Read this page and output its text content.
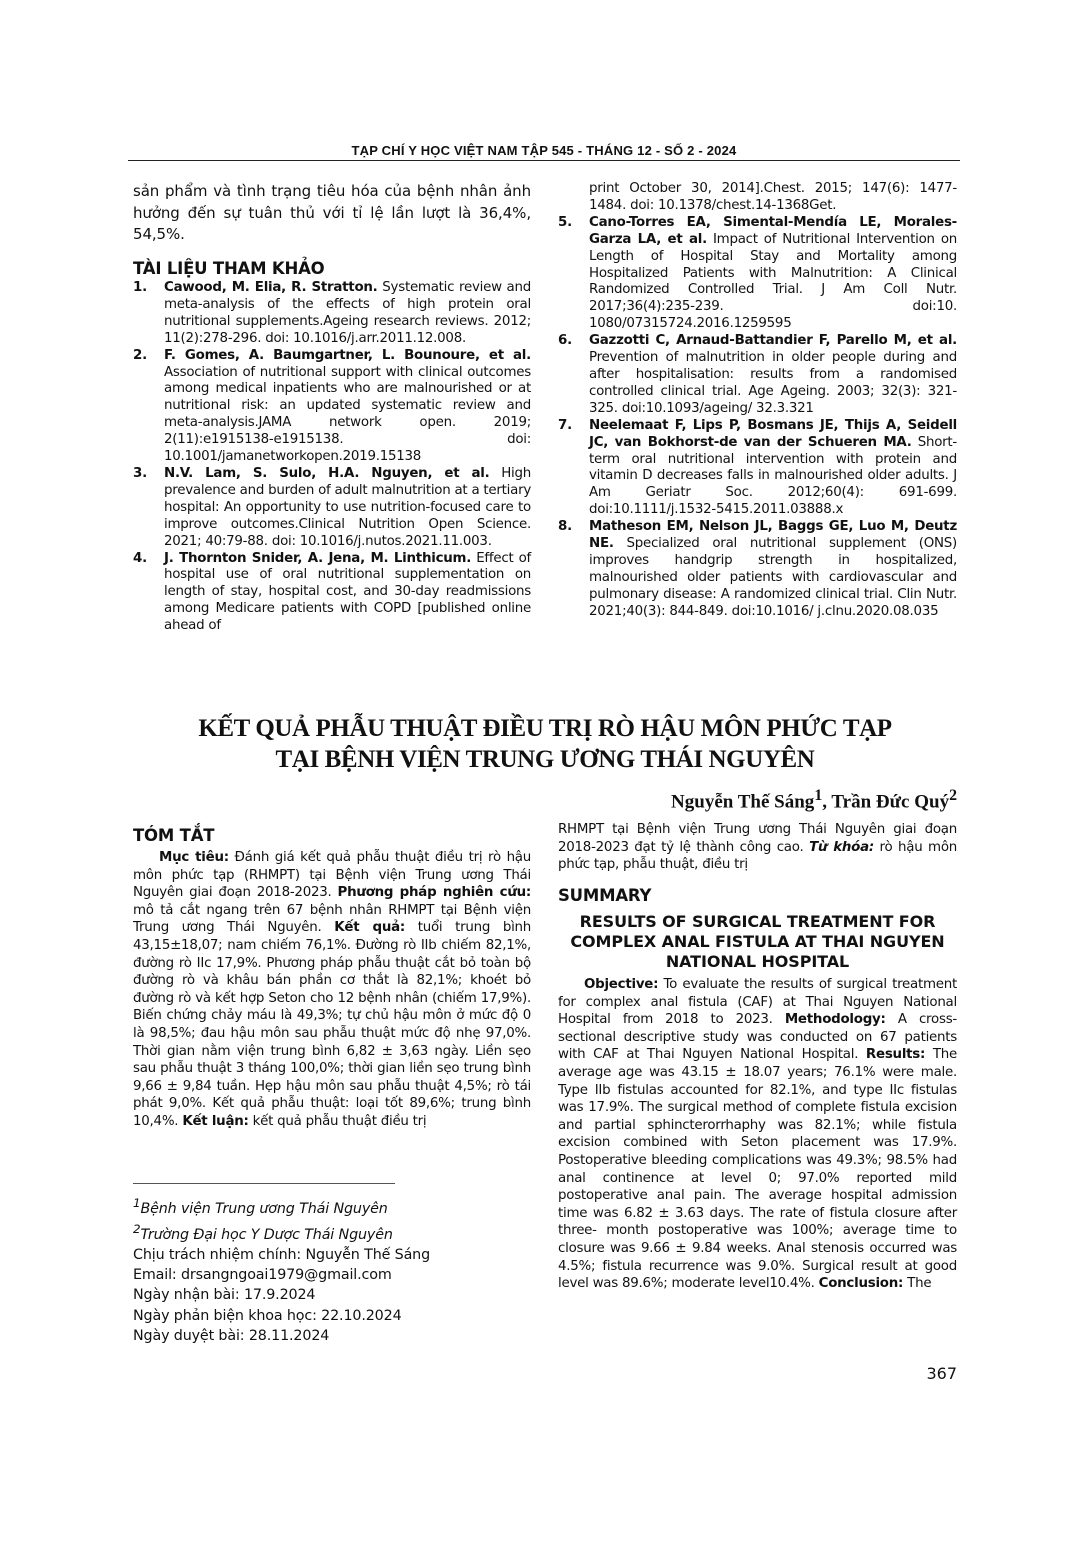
TẠP CHÍ Y HỌC VIỆT NAM TẬP 545 - THÁNG 12 - SỐ 2 - 2024
sản phẩm và tình trạng tiêu hóa của bệnh nhân ảnh hưởng đến sự tuân thủ với tỉ lệ lần lượt là 36,4%, 54,5%.
TÀI LIỆU THAM KHẢO
1.	Cawood, M. Elia, R. Stratton. Systematic review and meta-analysis of the effects of high protein oral nutritional supplements.Ageing research reviews. 2012; 11(2):278-296. doi: 10.1016/j.arr.2011.12.008.
2.	F. Gomes, A. Baumgartner, L. Bounoure, et al. Association of nutritional support with clinical outcomes among medical inpatients who are malnourished or at nutritional risk: an updated systematic review and meta-analysis.JAMA network open. 2019; 2(11):e1915138-e1915138. doi: 10.1001/jamanetworkopen.2019.15138
3.	N.V. Lam, S. Sulo, H.A. Nguyen, et al. High prevalence and burden of adult malnutrition at a tertiary hospital: An opportunity to use nutrition-focused care to improve outcomes.Clinical Nutrition Open Science. 2021; 40:79-88. doi: 10.1016/j.nutos.2021.11.003.
4.	J. Thornton Snider, A. Jena, M. Linthicum. Effect of hospital use of oral nutritional supplementation on length of stay, hospital cost, and 30-day readmissions among Medicare patients with COPD [published online ahead of
print October 30, 2014].Chest. 2015; 147(6): 1477-1484. doi: 10.1378/chest.14-1368Get.
5.	Cano-Torres EA, Simental-Mendía LE, Morales-Garza LA, et al. Impact of Nutritional Intervention on Length of Hospital Stay and Mortality among Hospitalized Patients with Malnutrition: A Clinical Randomized Controlled Trial. J Am Coll Nutr. 2017;36(4):235-239. doi:10. 1080/07315724.2016.1259595
6.	Gazzotti C, Arnaud-Battandier F, Parello M, et al. Prevention of malnutrition in older people during and after hospitalisation: results from a randomised controlled clinical trial. Age Ageing. 2003; 32(3): 321-325. doi:10.1093/ageing/ 32.3.321
7.	Neelemaat F, Lips P, Bosmans JE, Thijs A, Seidell JC, van Bokhorst-de van der Schueren MA. Short-term oral nutritional intervention with protein and vitamin D decreases falls in malnourished older adults. J Am Geriatr Soc. 2012;60(4): 691-699. doi:10.1111/j.1532-5415.2011.03888.x
8.	Matheson EM, Nelson JL, Baggs GE, Luo M, Deutz NE. Specialized oral nutritional supplement (ONS) improves handgrip strength in hospitalized, malnourished older patients with cardiovascular and pulmonary disease: A randomized clinical trial. Clin Nutr. 2021;40(3): 844-849. doi:10.1016/ j.clnu.2020.08.035
KẾT QUẢ PHẪU THUẬT ĐIỀU TRỊ RÒ HẬU MÔN PHỨC TẠP
TẠI BỆNH VIỆN TRUNG ƯƠNG THÁI NGUYÊN
Nguyễn Thế Sáng$^1$, Trần Đức Quý$^2$
TÓM TẮT
Mục tiêu: Đánh giá kết quả phẫu thuật điều trị rò hậu môn phức tạp (RHMPT) tại Bệnh viện Trung ương Thái Nguyên giai đoạn 2018-2023. Phương pháp nghiên cứu: mô tả cắt ngang trên 67 bệnh nhân RHMPT tại Bệnh viện Trung ương Thái Nguyên. Kết quả: tuổi trung bình 43,15±18,07; nam chiếm 76,1%. Đường rò IIb chiếm 82,1%, đường rò IIc 17,9%. Phương pháp phẫu thuật cắt bỏ toàn bộ đường rò và khâu bán phần cơ thắt là 82,1%; khoét bỏ đường rò và kết hợp Seton cho 12 bệnh nhân (chiếm 17,9%). Biến chứng chảy máu là 49,3%; tự chủ hậu môn ở mức độ 0 là 98,5%; đau hậu môn sau phẫu thuật mức độ nhẹ 97,0%. Thời gian nằm viện trung bình 6,82 ± 3,63 ngày. Liền sẹo sau phẫu thuật 3 tháng 100,0%; thời gian liền sẹo trung bình 9,66 ± 9,84 tuần. Hẹp hậu môn sau phẫu thuật 4,5%; rò tái phát 9,0%. Kết quả phẫu thuật: loại tốt 89,6%; trung bình 10,4%. Kết luận: kết quả phẫu thuật điều trị
$^1$Bệnh viện Trung ương Thái Nguyên
$^2$Trường Đại học Y Dược Thái Nguyên
Chịu trách nhiệm chính: Nguyễn Thế Sáng
Email: drsangngoai1979@gmail.com
Ngày nhận bài: 17.9.2024
Ngày phản biện khoa học: 22.10.2024
Ngày duyệt bài: 28.11.2024
RHMPT tại Bệnh viện Trung ương Thái Nguyên giai đoạn 2018-2023 đạt tỷ lệ thành công cao. Từ khóa: rò hậu môn phức tạp, phẫu thuật, điều trị
SUMMARY
RESULTS OF SURGICAL TREATMENT FOR COMPLEX ANAL FISTULA AT THAI NGUYEN NATIONAL HOSPITAL
Objective: To evaluate the results of surgical treatment for complex anal fistula (CAF) at Thai Nguyen National Hospital from 2018 to 2023. Methodology: A cross-sectional descriptive study was conducted on 67 patients with CAF at Thai Nguyen National Hospital. Results: The average age was 43.15 ± 18.07 years; 76.1% were male. Type IIb fistulas accounted for 82.1%, and type IIc fistulas was 17.9%. The surgical method of complete fistula excision and partial sphincterorrhaphy was 82.1%; while fistula excision combined with Seton placement was 17.9%. Postoperative bleeding complications was 49.3%; 98.5% had anal continence at level 0; 97.0% reported mild postoperative anal pain. The average hospital admission time was 6.82 ± 3.63 days. The rate of fistula closure after three- month postoperative was 100%; average time to closure was 9.66 ± 9.84 weeks. Anal stenosis occurred was 4.5%; fistula recurrence was 9.0%. Surgical result at good level was 89.6%; moderate level10.4%. Conclusion: The
367
